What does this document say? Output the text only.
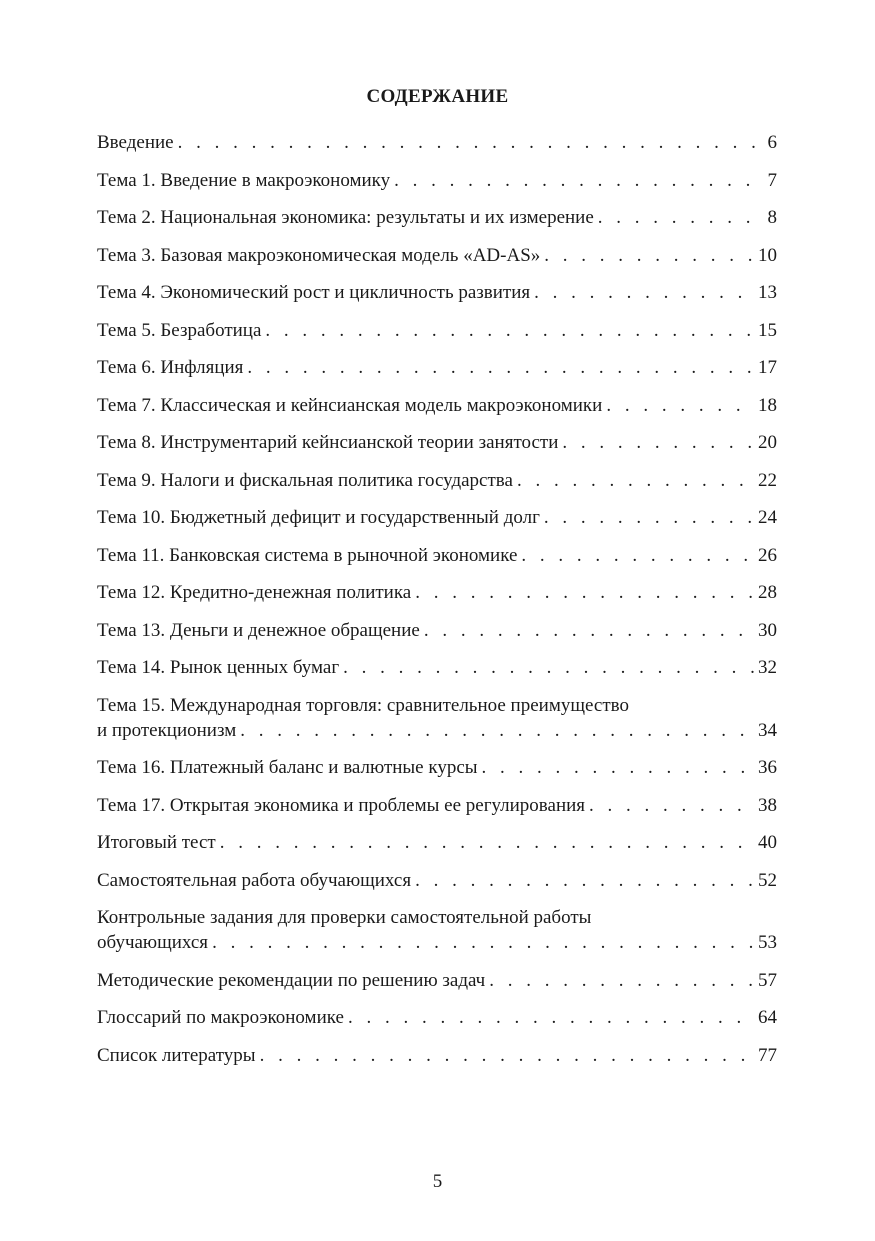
СОДЕРЖАНИЕ
Введение . . .	6
Тема 1. Введение в макроэкономику . . .	7
Тема 2. Национальная экономика: результаты и их измерение . . .	8
Тема 3. Базовая макроэкономическая модель «AD-AS» . . .	10
Тема 4. Экономический рост и цикличность развития . . .	13
Тема 5. Безработица . . .	15
Тема 6. Инфляция . . .	17
Тема 7. Классическая и кейнсианская модель макроэкономики . . .	18
Тема 8. Инструментарий кейнсианской теории занятости . . .	20
Тема 9. Налоги и фискальная политика государства . . .	22
Тема 10. Бюджетный дефицит и государственный долг . . .	24
Тема 11. Банковская система в рыночной экономике . . .	26
Тема 12. Кредитно-денежная политика . . .	28
Тема 13. Деньги и денежное обращение . . .	30
Тема 14. Рынок ценных бумаг . . .	32
Тема 15. Международная торговля: сравнительное преимущество
и протекционизм . . .	34
Тема 16. Платежный баланс и валютные курсы . . .	36
Тема 17. Открытая экономика и проблемы ее регулирования . . .	38
Итоговый тест . . .	40
Самостоятельная работа обучающихся . . .	52
Контрольные задания для проверки самостоятельной работы
обучающихся . . .	53
Методические рекомендации по решению задач . . .	57
Глоссарий по макроэкономике . . .	64
Список литературы . . .	77
5
